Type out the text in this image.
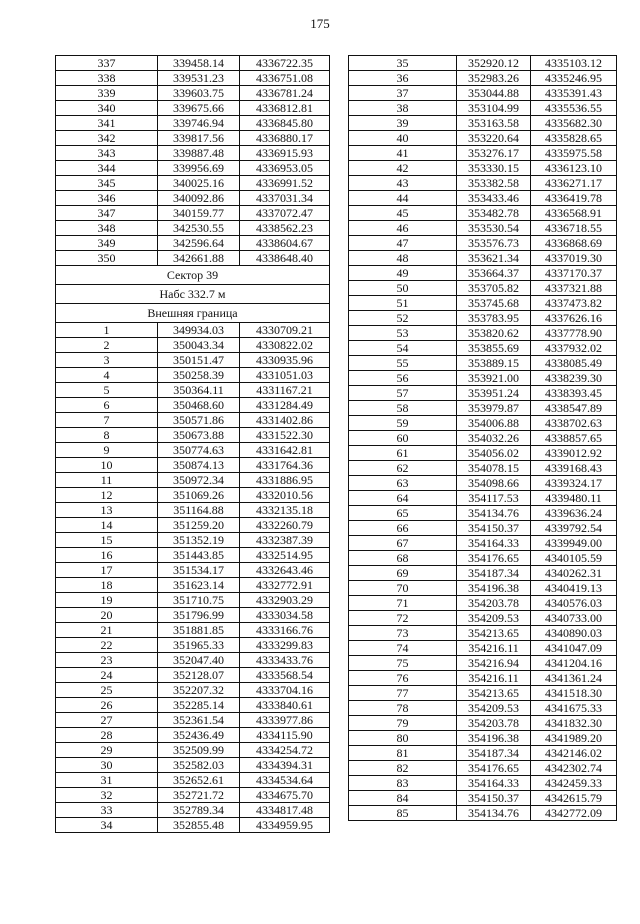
175
337	339458.14	4336722.35
338	339531.23	4336751.08
339	339603.75	4336781.24
340	339675.66	4336812.81
341	339746.94	4336845.80
342	339817.56	4336880.17
343	339887.48	4336915.93
344	339956.69	4336953.05
345	340025.16	4336991.52
346	340092.86	4337031.34
347	340159.77	4337072.47
348	342530.55	4338562.23
349	342596.64	4338604.67
350	342661.88	4338648.40
Сектор 39		
Набс 332.7 м		
Внешняя граница		
1	349934.03	4330709.21
2	350043.34	4330822.02
3	350151.47	4330935.96
4	350258.39	4331051.03
5	350364.11	4331167.21
6	350468.60	4331284.49
7	350571.86	4331402.86
8	350673.88	4331522.30
9	350774.63	4331642.81
10	350874.13	4331764.36
11	350972.34	4331886.95
12	351069.26	4332010.56
13	351164.88	4332135.18
14	351259.20	4332260.79
15	351352.19	4332387.39
16	351443.85	4332514.95
17	351534.17	4332643.46
18	351623.14	4332772.91
19	351710.75	4332903.29
20	351796.99	4333034.58
21	351881.85	4333166.76
22	351965.33	4333299.83
23	352047.40	4333433.76
24	352128.07	4333568.54
25	352207.32	4333704.16
26	352285.14	4333840.61
27	352361.54	4333977.86
28	352436.49	4334115.90
29	352509.99	4334254.72
30	352582.03	4334394.31
31	352652.61	4334534.64
32	352721.72	4334675.70
33	352789.34	4334817.48
34	352855.48	4334959.95
35	352920.12	4335103.12
36	352983.26	4335246.95
37	353044.88	4335391.43
38	353104.99	4335536.55
39	353163.58	4335682.30
40	353220.64	4335828.65
41	353276.17	4335975.58
42	353330.15	4336123.10
43	353382.58	4336271.17
44	353433.46	4336419.78
45	353482.78	4336568.91
46	353530.54	4336718.55
47	353576.73	4336868.69
48	353621.34	4337019.30
49	353664.37	4337170.37
50	353705.82	4337321.88
51	353745.68	4337473.82
52	353783.95	4337626.16
53	353820.62	4337778.90
54	353855.69	4337932.02
55	353889.15	4338085.49
56	353921.00	4338239.30
57	353951.24	4338393.45
58	353979.87	4338547.89
59	354006.88	4338702.63
60	354032.26	4338857.65
61	354056.02	4339012.92
62	354078.15	4339168.43
63	354098.66	4339324.17
64	354117.53	4339480.11
65	354134.76	4339636.24
66	354150.37	4339792.54
67	354164.33	4339949.00
68	354176.65	4340105.59
69	354187.34	4340262.31
70	354196.38	4340419.13
71	354203.78	4340576.03
72	354209.53	4340733.00
73	354213.65	4340890.03
74	354216.11	4341047.09
75	354216.94	4341204.16
76	354216.11	4341361.24
77	354213.65	4341518.30
78	354209.53	4341675.33
79	354203.78	4341832.30
80	354196.38	4341989.20
81	354187.34	4342146.02
82	354176.65	4342302.74
83	354164.33	4342459.33
84	354150.37	4342615.79
85	354134.76	4342772.09
